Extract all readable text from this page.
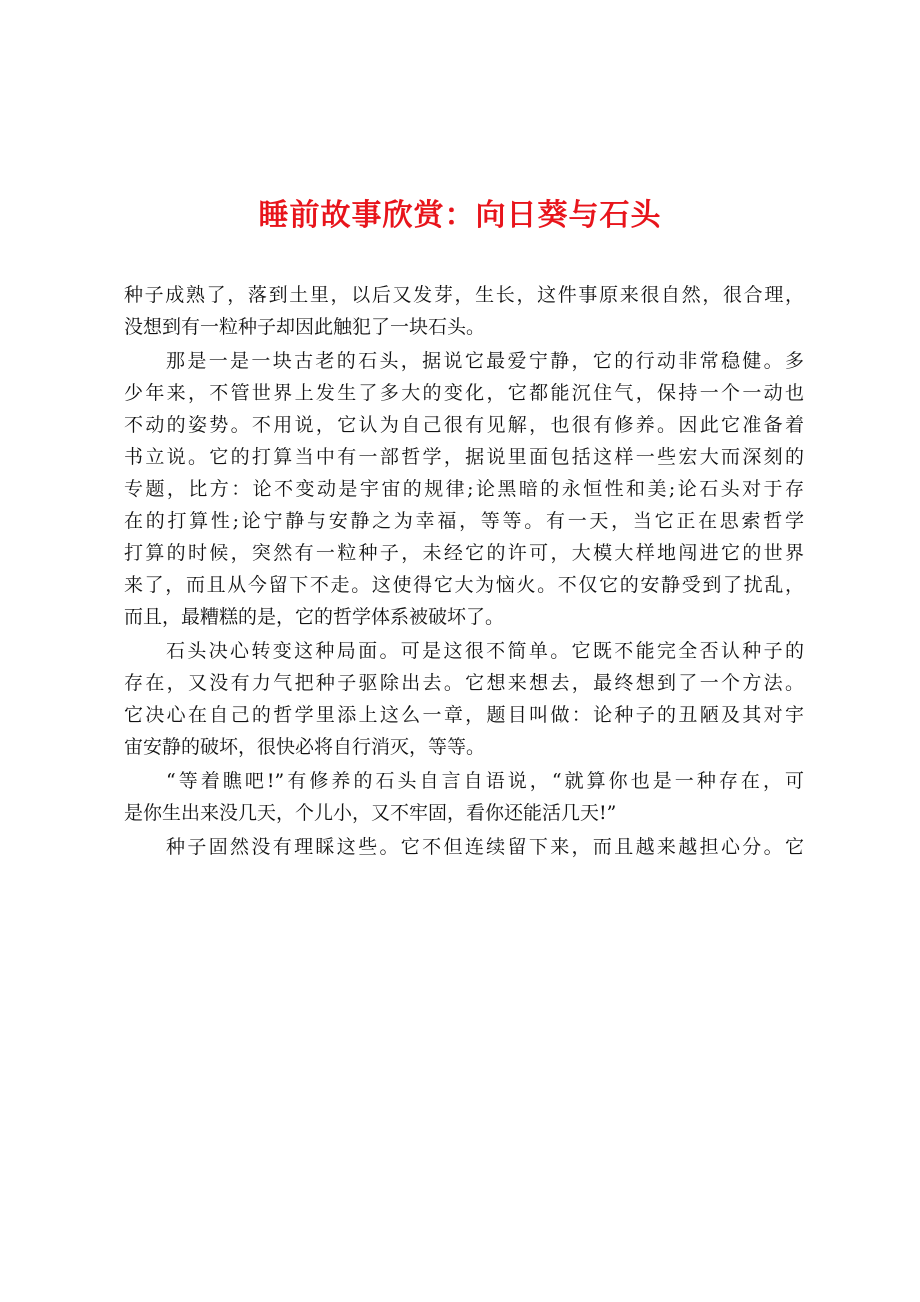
睡前故事欣赏：向日葵与石头
种子成熟了，落到土里，以后又发芽，生长，这件事原来很自然，很合理，
没想到有一粒种子却因此触犯了一块石头。
那是一是一块古老的石头，据说它最爱宁静，它的行动非常稳健。多
少年来，不管世界上发生了多大的变化，它都能沉住气，保持一个一动也
不动的姿势。不用说，它认为自己很有见解，也很有修养。因此它准备着
书立说。它的打算当中有一部哲学，据说里面包括这样一些宏大而深刻的
专题，比方：论不变动是宇宙的规律;论黑暗的永恒性和美;论石头对于存
在的打算性;论宁静与安静之为幸福，等等。有一天，当它正在思索哲学
打算的时候，突然有一粒种子，未经它的许可，大模大样地闯进它的世界
来了，而且从今留下不走。这使得它大为恼火。不仅它的安静受到了扰乱，
而且，最糟糕的是，它的哲学体系被破坏了。
石头决心转变这种局面。可是这很不简单。它既不能完全否认种子的
存在，又没有力气把种子驱除出去。它想来想去，最终想到了一个方法。
它决心在自己的哲学里添上这么一章，题目叫做：论种子的丑陋及其对宇
宙安静的破坏，很快必将自行消灭，等等。
“等着瞧吧!”有修养的石头自言自语说，“就算你也是一种存在，可
是你生出来没几天，个儿小，又不牢固，看你还能活几天!”
种子固然没有理睬这些。它不但连续留下来，而且越来越担心分。它
